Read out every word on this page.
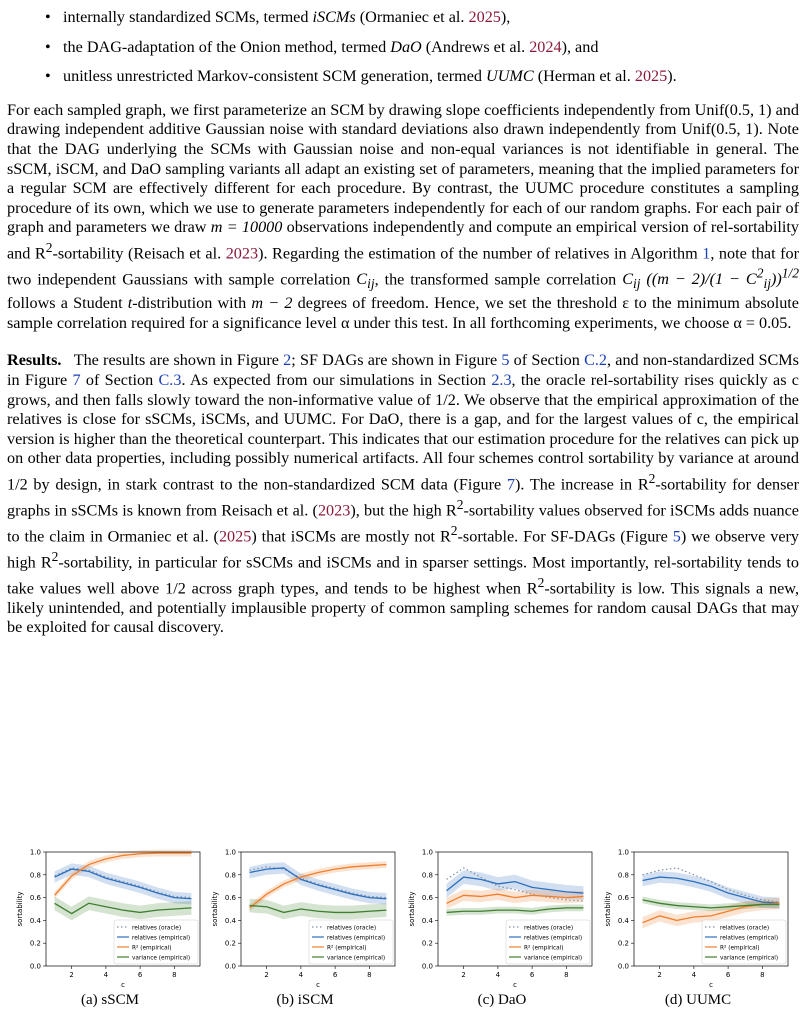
• internally standardized SCMs, termed iSCMs (Ormaniec et al. 2025),
• the DAG-adaptation of the Onion method, termed DaO (Andrews et al. 2024), and
• unitless unrestricted Markov-consistent SCM generation, termed UUMC (Herman et al. 2025).

For each sampled graph, we first parameterize an SCM by drawing slope coefficients independently from Unif(0.5, 1) and drawing independent additive Gaussian noise with standard deviations also drawn independently from Unif(0.5, 1). Note that the DAG underlying the SCMs with Gaussian noise and non-equal variances is not identifiable in general. The sSCM, iSCM, and DaO sampling variants all adapt an existing set of parameters, meaning that the implied parameters for a regular SCM are effectively different for each procedure. By contrast, the UUMC procedure constitutes a sampling procedure of its own, which we use to generate parameters independently for each of our random graphs. For each pair of graph and parameters we draw m = 10000 observations independently and compute an empirical version of rel-sortability and $R^2$-sortability (Reisach et al. 2023). Regarding the estimation of the number of relatives in Algorithm 1, note that for two independent Gaussians with sample correlation $C_{ij}$, the transformed sample correlation $C_{ij}$ $((m - 2)/(1 - C^2_{ij}))^{1/2}$ follows a Student t-distribution with m − 2 degrees of freedom. Hence, we set the threshold ε to the minimum absolute sample correlation required for a significance level α under this test. In all forthcoming experiments, we choose α = 0.05.

Results. The results are shown in Figure 2; SF DAGs are shown in Figure 5 of Section C.2, and non-standardized SCMs in Figure 7 of Section C.3. As expected from our simulations in Section 2.3, the oracle rel-sortability rises quickly as c grows, and then falls slowly toward the non-informative value of 1/2. We observe that the empirical approximation of the relatives is close for sSCMs, iSCMs, and UUMC. For DaO, there is a gap, and for the largest values of c, the empirical version is higher than the theoretical counterpart. This indicates that our estimation procedure for the relatives can pick up on other data properties, including possibly numerical artifacts. All four schemes control sortability by variance at around 1/2 by design, in stark contrast to the non-standardized SCM data (Figure 7). The increase in $R^2$-sortability for denser graphs in sSCMs is known from Reisach et al. (2023), but the high $R^2$-sortability values observed for iSCMs adds nuance to the claim in Ormaniec et al. (2025) that iSCMs are mostly not $R^2$-sortable. For SF-DAGs (Figure 5) we observe very high $R^2$-sortability, in particular for sSCMs and iSCMs and in sparser settings. Most importantly, rel-sortability tends to take values well above 1/2 across graph types, and tends to be highest when $R^2$-sortability is low. This signals a new, likely unintended, and potentially implausible property of common sampling schemes for random causal DAGs that may be exploited for causal discovery.

0.0
0.2
0.4
0.6
0.8
1.0
2	4	6	8
c
sortability
relatives (oracle)
relatives (empirical)
R² (empirical)
variance (empirical)
(a) sSCM
0.0
0.2
0.4
0.6
0.8
1.0
2	4	6	8
c
sortability
relatives (oracle)
relatives (empirical)
R² (empirical)
variance (empirical)
(b) iSCM
0.0
0.2
0.4
0.6
0.8
1.0
2	4	6	8
c
sortability
relatives (oracle)
relatives (empirical)
R² (empirical)
variance (empirical)
(c) DaO
0.0
0.2
0.4
0.6
0.8
1.0
2	4	6	8
c
sortability
relatives (oracle)
relatives (empirical)
R² (empirical)
variance (empirical)
(d) UUMC
